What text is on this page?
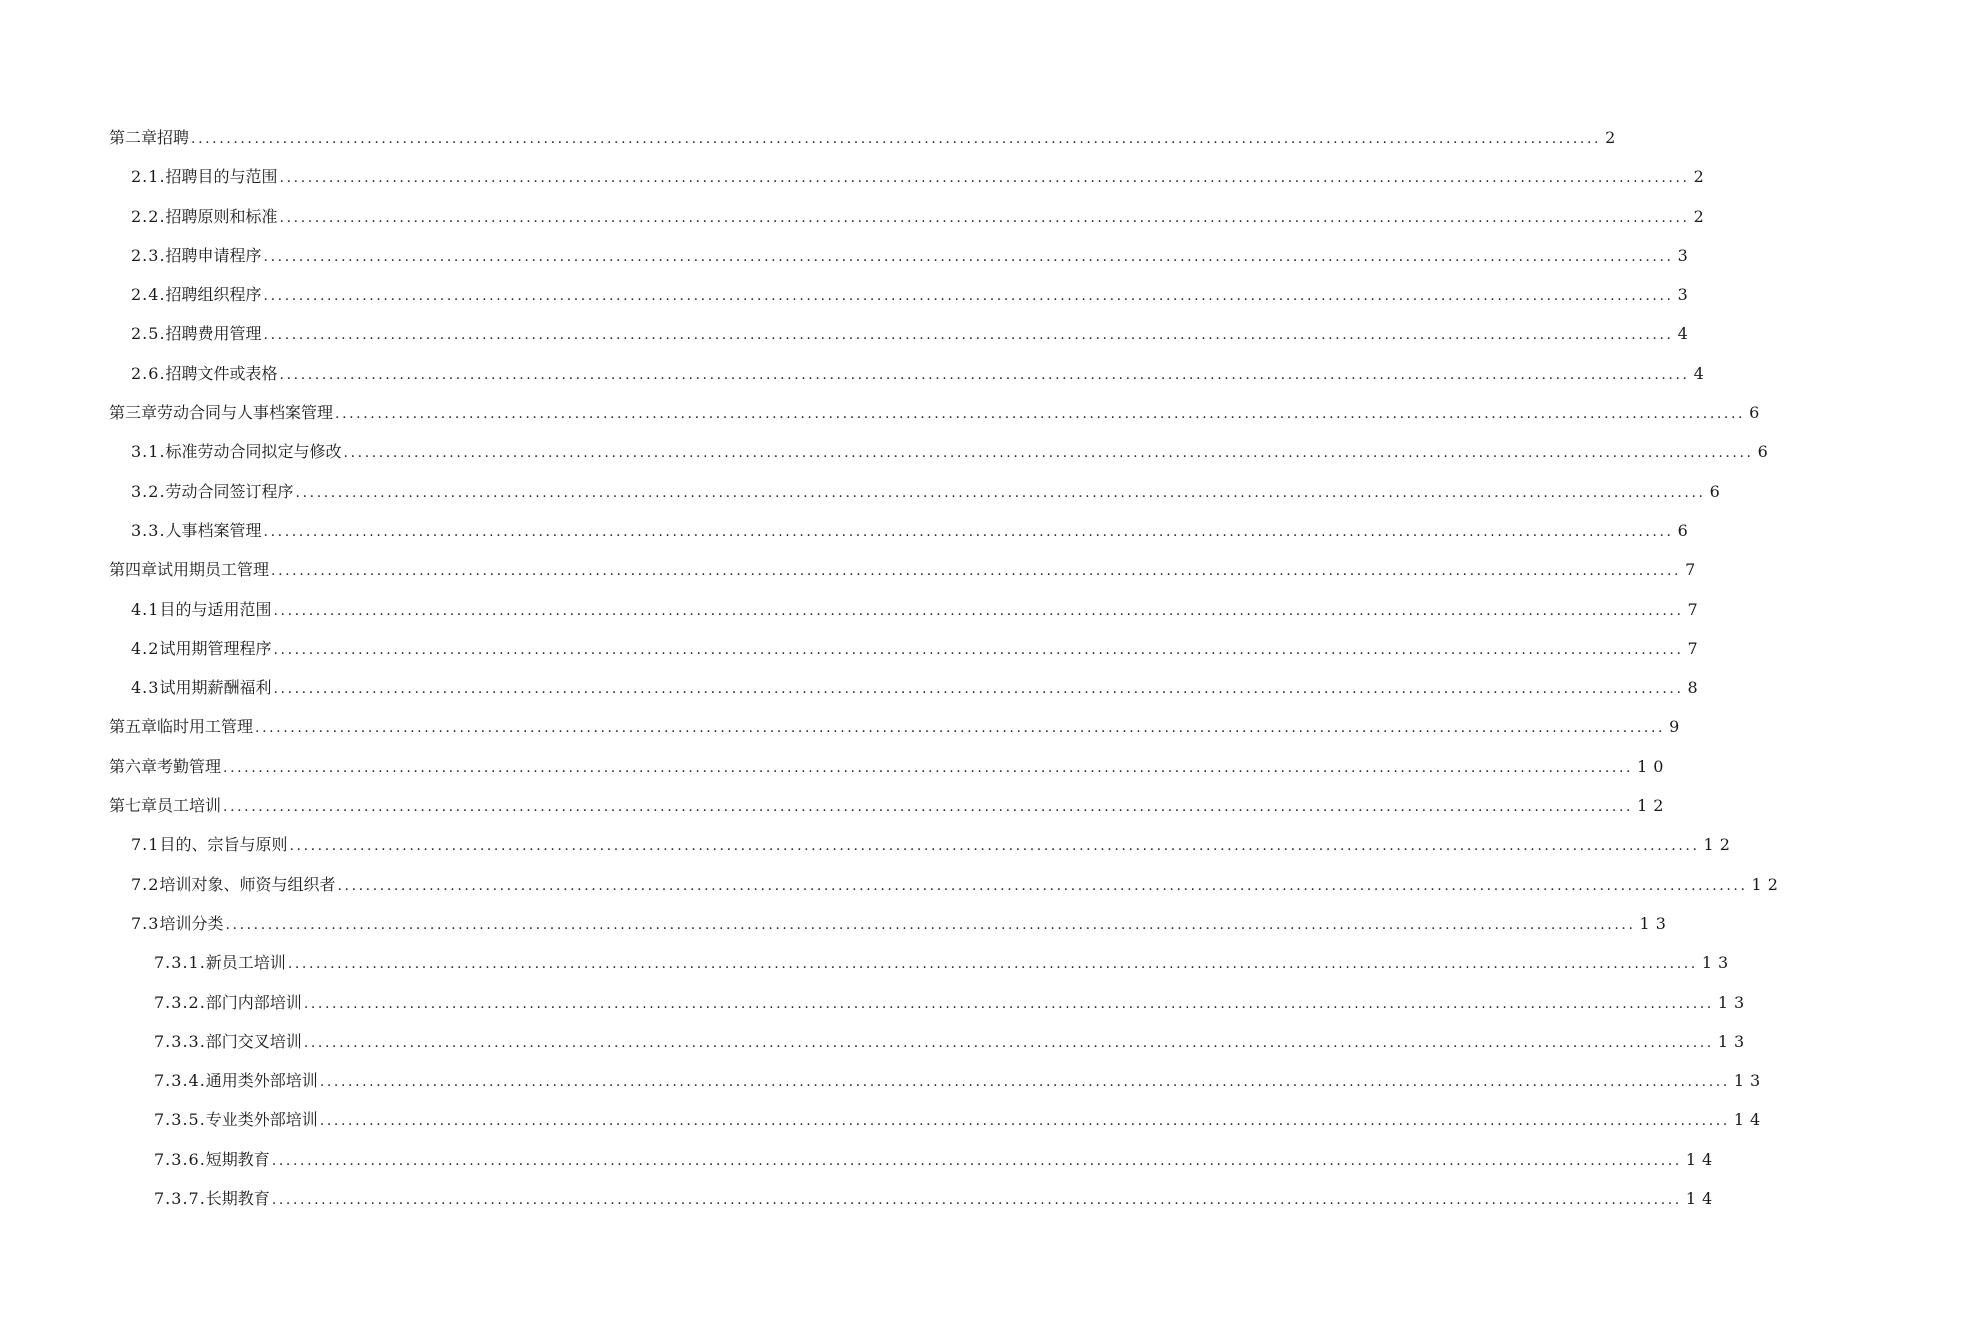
第二章 招聘 ........................................................................................................................................................................................................ 2
2.1. 招聘目的与范围 ........................................................................................................................................................................................................ 2
2.2. 招聘原则和标准 ........................................................................................................................................................................................................ 2
2.3. 招聘申请程序 ........................................................................................................................................................................................................ 3
2.4. 招聘组织程序 ........................................................................................................................................................................................................ 3
2.5. 招聘费用管理 ........................................................................................................................................................................................................ 4
2.6. 招聘文件或表格 ........................................................................................................................................................................................................ 4
第三章 劳动合同与人事档案管理 ........................................................................................................................................................................................................ 6
3.1. 标准劳动合同拟定与修改 ........................................................................................................................................................................................................ 6
3.2. 劳动合同签订程序 ........................................................................................................................................................................................................ 6
3.3. 人事档案管理 ........................................................................................................................................................................................................ 6
第四章 试用期员工管理 ........................................................................................................................................................................................................ 7
4.1 目的与适用范围 ........................................................................................................................................................................................................ 7
4.2 试用期管理程序 ........................................................................................................................................................................................................ 7
4.3 试用期薪酬福利 ........................................................................................................................................................................................................ 8
第五章 临时用工管理 ........................................................................................................................................................................................................ 9
第六章 考勤管理 ........................................................................................................................................................................................................ 10
第七章 员工培训 ........................................................................................................................................................................................................ 12
7.1 目的、宗旨与原则 ........................................................................................................................................................................................................ 12
7.2 培训对象、师资与组织者 ........................................................................................................................................................................................................ 12
7.3 培训分类 ........................................................................................................................................................................................................ 13
7.3.1. 新员工培训 ........................................................................................................................................................................................................ 13
7.3.2. 部门内部培训 ........................................................................................................................................................................................................ 13
7.3.3. 部门交叉培训 ........................................................................................................................................................................................................ 13
7.3.4. 通用类外部培训 ........................................................................................................................................................................................................ 13
7.3.5. 专业类外部培训 ........................................................................................................................................................................................................ 14
7.3.6. 短期教育 ........................................................................................................................................................................................................ 14
7.3.7. 长期教育 ........................................................................................................................................................................................................ 14
